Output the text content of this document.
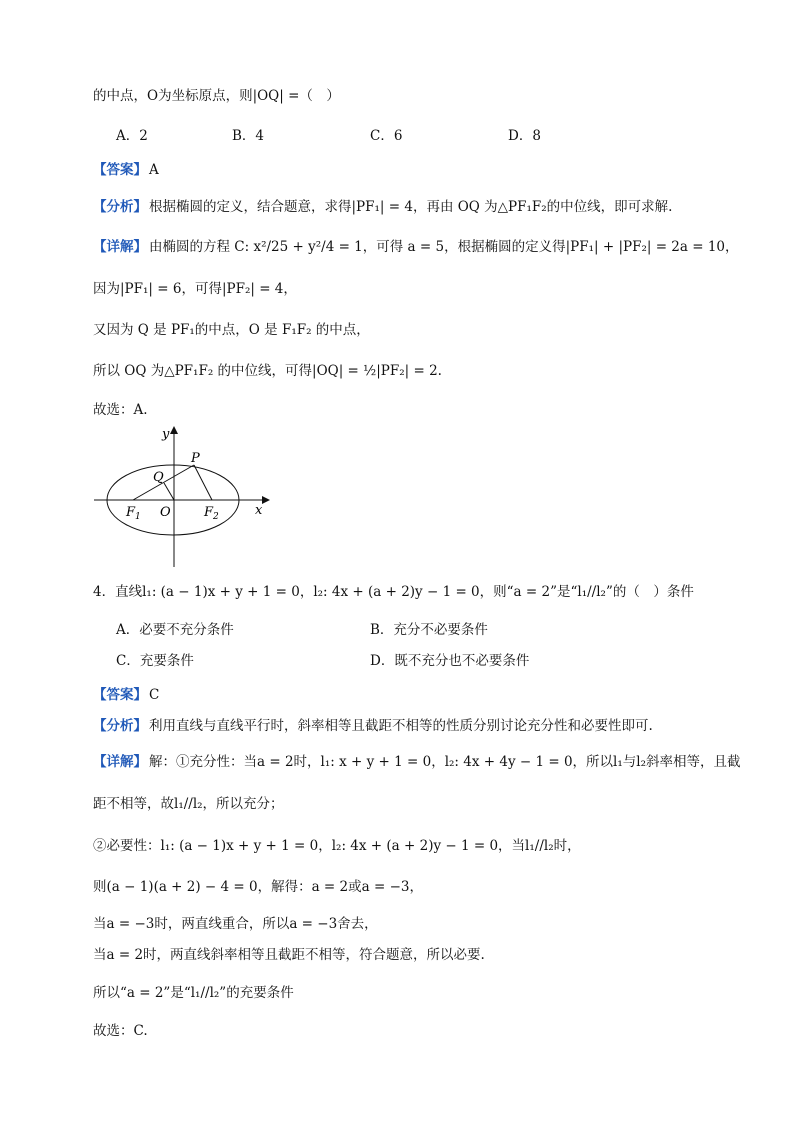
的中点，O为坐标原点，则|OQ| =（　）
A．2	B．4	C．6	D．8
【答案】 A
【分析】 根据椭圆的定义，结合题意，求得|PF₁| = 4，再由 OQ 为△PF₁F₂的中位线，即可求解.
【详解】 由椭圆的方程 C: x²/25 + y²/4 = 1，可得 a = 5，根据椭圆的定义得|PF₁| + |PF₂| = 2a = 10，
因为|PF₁| = 6，可得|PF₂| = 4，
又因为 Q 是 PF₁的中点，O 是 F₁F₂ 的中点，
所以 OQ 为△PF₁F₂ 的中位线，可得|OQ| = ½|PF₂| = 2.
故选：A.
y
x
P
Q
O
$F_1$	$F_2$
4．直线l₁: (a − 1)x + y + 1 = 0，l₂: 4x + (a + 2)y − 1 = 0，则“a = 2”是“l₁//l₂”的（　）条件
A．必要不充分条件	B．充分不必要条件
C．充要条件	D．既不充分也不必要条件
【答案】 C
【分析】 利用直线与直线平行时，斜率相等且截距不相等的性质分别讨论充分性和必要性即可.
【详解】 解：①充分性：当a = 2时，l₁: x + y + 1 = 0，l₂: 4x + 4y − 1 = 0，所以l₁与l₂斜率相等，且截
距不相等，故l₁//l₂，所以充分；
②必要性：l₁: (a − 1)x + y + 1 = 0，l₂: 4x + (a + 2)y − 1 = 0，当l₁//l₂时，
则(a − 1)(a + 2) − 4 = 0，解得：a = 2或a = −3，
当a = −3时，两直线重合，所以a = −3舍去，
当a = 2时，两直线斜率相等且截距不相等，符合题意，所以必要.
所以“a = 2”是“l₁//l₂”的充要条件
故选：C.
